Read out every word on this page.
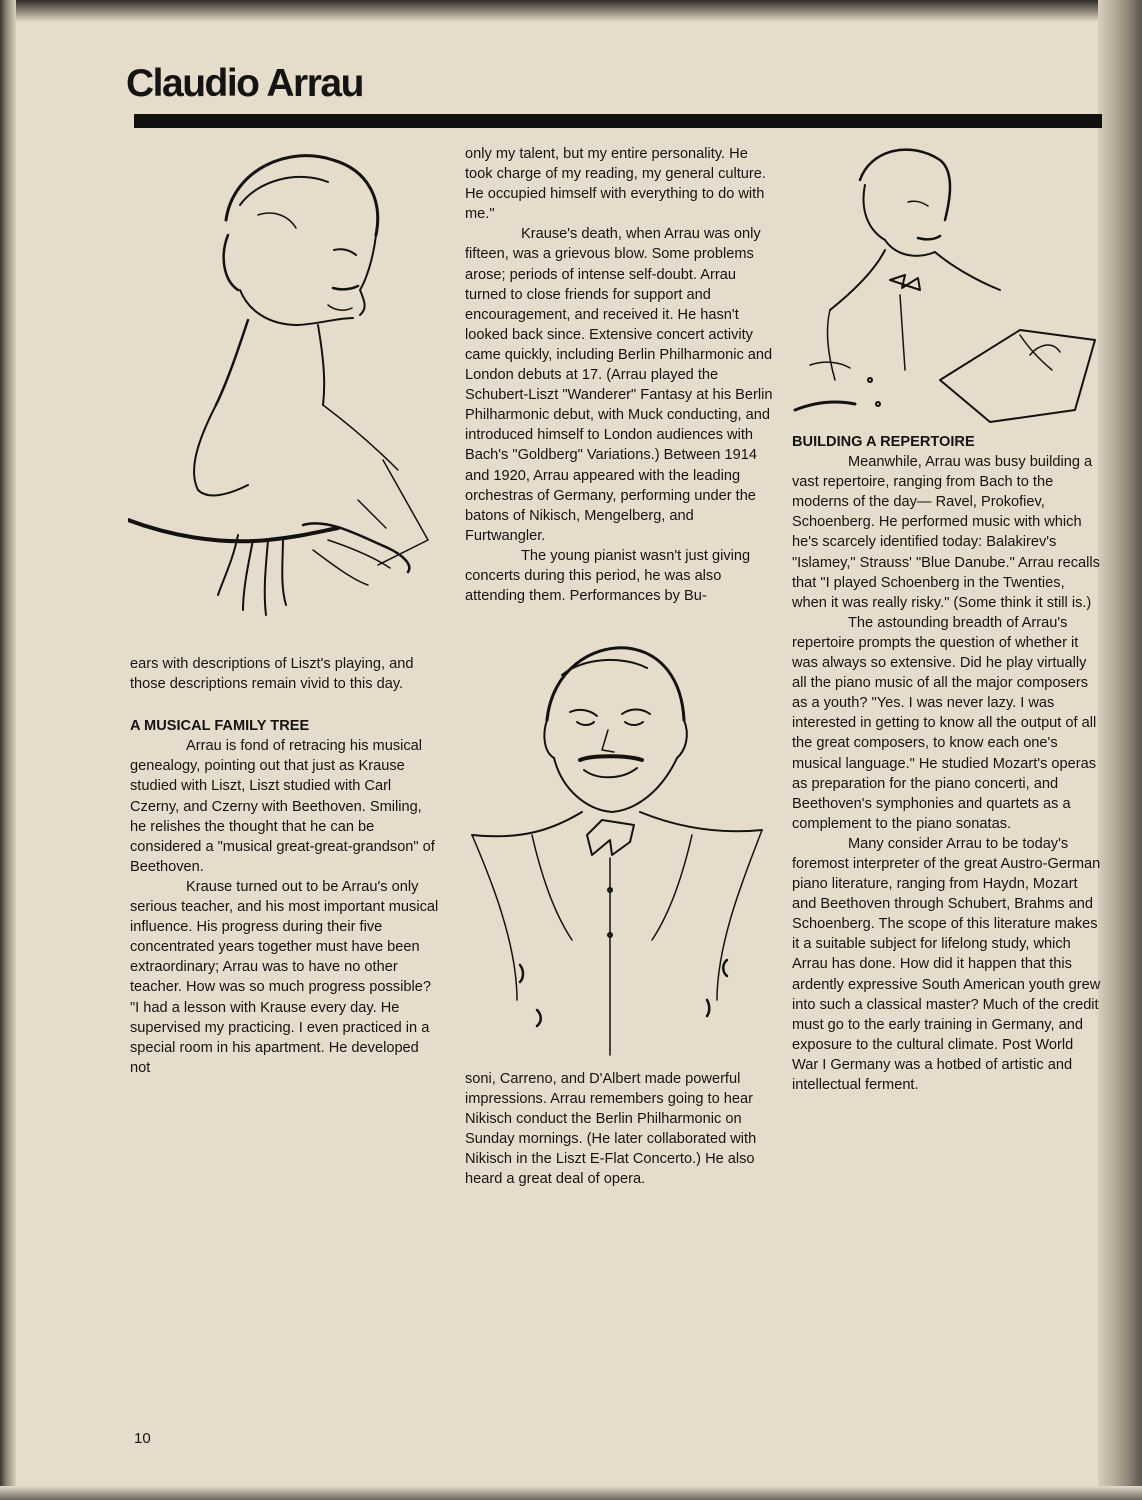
Claudio Arrau

ears with descriptions of Liszt's playing, and those descriptions remain vivid to this day.

A MUSICAL FAMILY TREE

Arrau is fond of retracing his musical genealogy, pointing out that just as Krause studied with Liszt, Liszt studied with Carl Czerny, and Czerny with Beethoven. Smiling, he relishes the thought that he can be considered a "musical great-great-grandson" of Beethoven.

Krause turned out to be Arrau's only serious teacher, and his most important musical influence. His progress during their five concentrated years together must have been extraordinary; Arrau was to have no other teacher. How was so much progress possible? "I had a lesson with Krause every day. He supervised my practicing. I even practiced in a special room in his apartment. He developed not

only my talent, but my entire personality. He took charge of my reading, my general culture. He occupied himself with everything to do with me."

Krause's death, when Arrau was only fifteen, was a grievous blow. Some problems arose; periods of intense self-doubt. Arrau turned to close friends for support and encouragement, and received it. He hasn't looked back since. Extensive concert activity came quickly, including Berlin Philharmonic and London debuts at 17. (Arrau played the Schubert-Liszt "Wanderer" Fantasy at his Berlin Philharmonic debut, with Muck conducting, and introduced himself to London audiences with Bach's "Goldberg" Variations.) Between 1914 and 1920, Arrau appeared with the leading orchestras of Germany, performing under the batons of Nikisch, Mengelberg, and Furtwangler.

The young pianist wasn't just giving concerts during this period, he was also attending them. Performances by Bu-

soni, Carreno, and D'Albert made powerful impressions. Arrau remembers going to hear Nikisch conduct the Berlin Philharmonic on Sunday mornings. (He later collaborated with Nikisch in the Liszt E-Flat Concerto.) He also heard a great deal of opera.

BUILDING A REPERTOIRE

Meanwhile, Arrau was busy building a vast repertoire, ranging from Bach to the moderns of the day— Ravel, Prokofiev, Schoenberg. He performed music with which he's scarcely identified today: Balakirev's "Islamey," Strauss' "Blue Danube." Arrau recalls that "I played Schoenberg in the Twenties, when it was really risky." (Some think it still is.)

The astounding breadth of Arrau's repertoire prompts the question of whether it was always so extensive. Did he play virtually all the piano music of all the major composers as a youth? "Yes. I was never lazy. I was interested in getting to know all the output of all the great composers, to know each one's musical language." He studied Mozart's operas as preparation for the piano concerti, and Beethoven's symphonies and quartets as a complement to the piano sonatas.

Many consider Arrau to be today's foremost interpreter of the great Austro-German piano literature, ranging from Haydn, Mozart and Beethoven through Schubert, Brahms and Schoenberg. The scope of this literature makes it a suitable subject for lifelong study, which Arrau has done. How did it happen that this ardently expressive South American youth grew into such a classical master? Much of the credit must go to the early training in Germany, and exposure to the cultural climate. Post World War I Germany was a hotbed of artistic and intellectual ferment.

10
